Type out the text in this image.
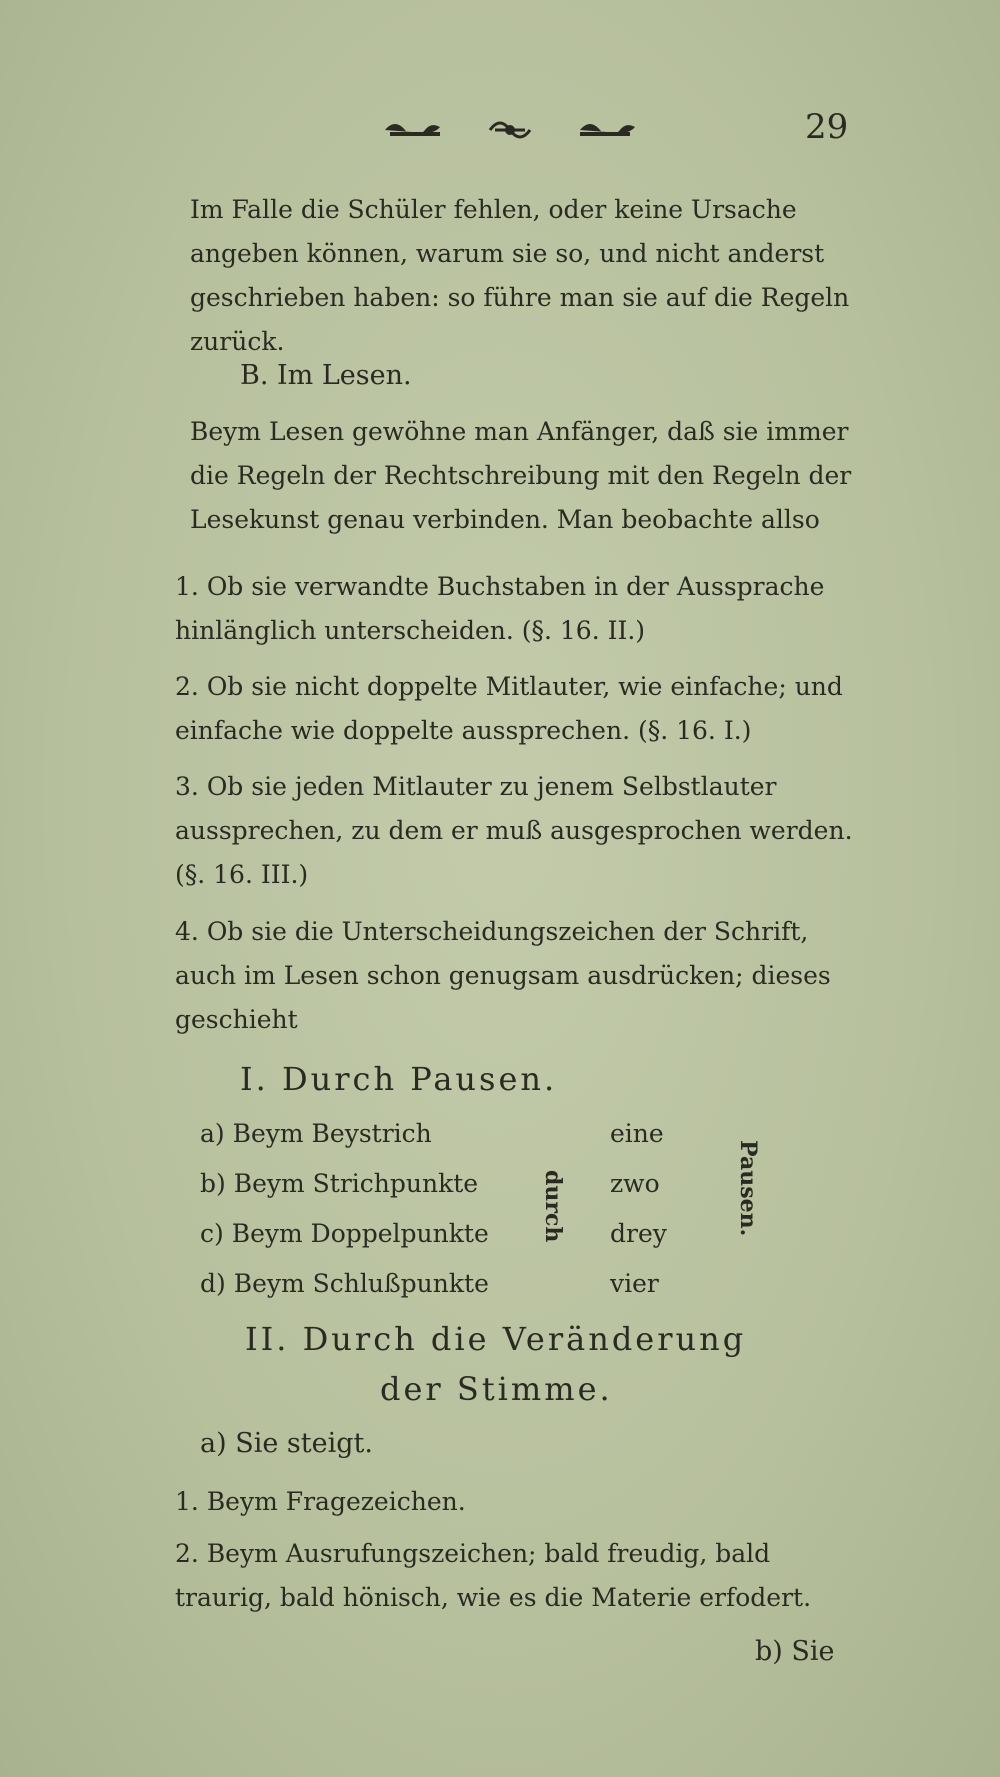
29
Im Falle die Schüler fehlen, oder keine Ursache angeben können, warum sie so, und nicht anderst geschrieben haben: so führe man sie auf die Regeln zurück.
B. Im Lesen.
Beym Lesen gewöhne man Anfänger, daß sie immer die Regeln der Rechtschreibung mit den Regeln der Lesekunst genau verbinden. Man beobachte allso
1. Ob sie verwandte Buchstaben in der Aussprache hinlänglich unterscheiden. (§. 16. II.)
2. Ob sie nicht doppelte Mitlauter, wie einfache; und einfache wie doppelte aussprechen. (§. 16. I.)
3. Ob sie jeden Mitlauter zu jenem Selbstlauter aussprechen, zu dem er muß ausgesprochen werden. (§. 16. III.)
4. Ob sie die Unterscheidungszeichen der Schrift, auch im Lesen schon genugsam ausdrücken; dieses geschieht
I. Durch Pausen.
a) Beym Beystrich	eine
b) Beym Strichpunkte	zwo
c) Beym Doppelpunkte	drey
d) Beym Schlußpunkte	vier
durch	Pausen.
II. Durch die Veränderung
der Stimme.
a) Sie steigt.
1. Beym Fragezeichen.
2. Beym Ausrufungszeichen; bald freudig, bald traurig, bald hönisch, wie es die Materie erfodert.
b) Sie
